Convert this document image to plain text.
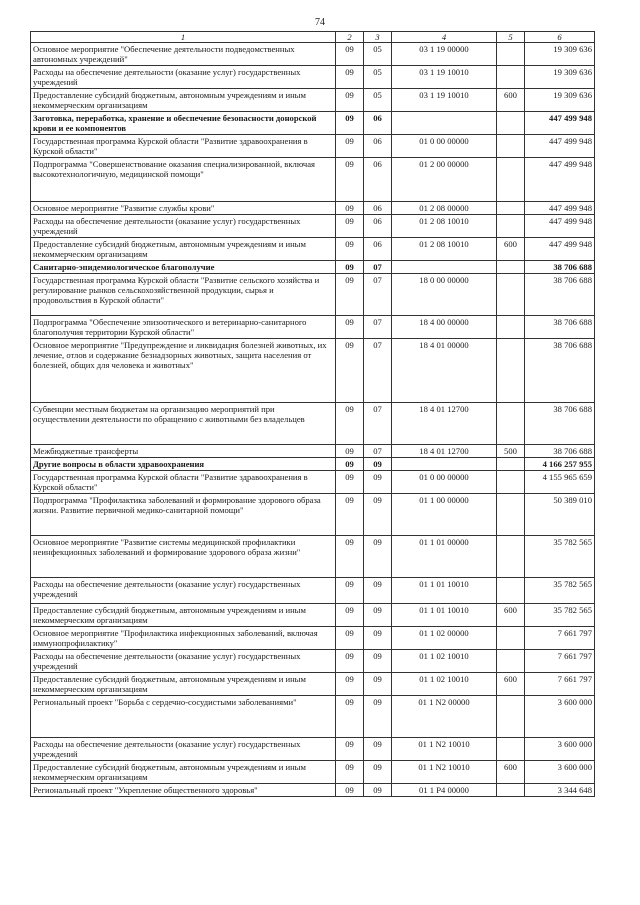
74
1	2	3	4	5	6
Основное мероприятие "Обеспечение деятельности подведомственных автономных учреждений"	09	05	03 1 19 00000		19 309 636
Расходы на обеспечение деятельности (оказание услуг) государственных учреждений	09	05	03 1 19 10010		19 309 636
Предоставление субсидий бюджетным, автономным учреждениям и иным некоммерческим организациям	09	05	03 1 19 10010	600	19 309 636
Заготовка, переработка, хранение и обеспечение безопасности донорской крови и ее компонентов	09	06			447 499 948
Государственная программа Курской области "Развитие здравоохранения в Курской области"	09	06	01 0 00 00000		447 499 948
Подпрограмма "Совершенствование оказания специализированной, включая высокотехнологичную, медицинской помощи"	09	06	01 2 00 00000		447 499 948
Основное мероприятие "Развитие службы крови"	09	06	01 2 08 00000		447 499 948
Расходы на обеспечение деятельности (оказание услуг) государственных учреждений	09	06	01 2 08 10010		447 499 948
Предоставление субсидий бюджетным, автономным учреждениям и иным некоммерческим организациям	09	06	01 2 08 10010	600	447 499 948
Санитарно-эпидемиологическое благополучие	09	07			38 706 688
Государственная программа Курской области "Развитие сельского хозяйства и регулирование рынков сельскохозяйственной продукции, сырья и продовольствия в Курской области"	09	07	18 0 00 00000		38 706 688
Подпрограмма "Обеспечение эпизоотического и ветеринарно-санитарного благополучия территории Курской области"	09	07	18 4 00 00000		38 706 688
Основное мероприятие "Предупреждение и ликвидация болезней животных, их лечение, отлов и содержание безнадзорных животных, защита населения от болезней, общих для человека и животных"	09	07	18 4 01 00000		38 706 688
Субвенции местным бюджетам на организацию мероприятий при осуществлении деятельности по обращению с животными без владельцев	09	07	18 4 01 12700		38 706 688
Межбюджетные трансферты	09	07	18 4 01 12700	500	38 706 688
Другие вопросы в области здравоохранения	09	09			4 166 257 955
Государственная программа Курской области "Развитие здравоохранения в Курской области"	09	09	01 0 00 00000		4 155 965 659
Подпрограмма "Профилактика заболеваний и формирование здорового образа жизни. Развитие первичной медико-санитарной помощи"	09	09	01 1 00 00000		50 389 010
Основное мероприятие "Развитие системы медицинской профилактики неинфекционных заболеваний и формирование здорового образа жизни"	09	09	01 1 01 00000		35 782 565
Расходы на обеспечение деятельности (оказание услуг) государственных учреждений	09	09	01 1 01 10010		35 782 565
Предоставление субсидий бюджетным, автономным учреждениям и иным некоммерческим организациям	09	09	01 1 01 10010	600	35 782 565
Основное мероприятие "Профилактика инфекционных заболеваний, включая иммунопрофилактику"	09	09	01 1 02 00000		7 661 797
Расходы на обеспечение деятельности (оказание услуг) государственных учреждений	09	09	01 1 02 10010		7 661 797
Предоставление субсидий бюджетным, автономным учреждениям и иным некоммерческим организациям	09	09	01 1 02 10010	600	7 661 797
Региональный проект "Борьба с сердечно-сосудистыми заболеваниями"	09	09	01 1 N2 00000		3 600 000
Расходы на обеспечение деятельности (оказание услуг) государственных учреждений	09	09	01 1 N2 10010		3 600 000
Предоставление субсидий бюджетным, автономным учреждениям и иным некоммерческим организациям	09	09	01 1 N2 10010	600	3 600 000
Региональный проект "Укрепление общественного здоровья"	09	09	01 1 P4 00000		3 344 648
